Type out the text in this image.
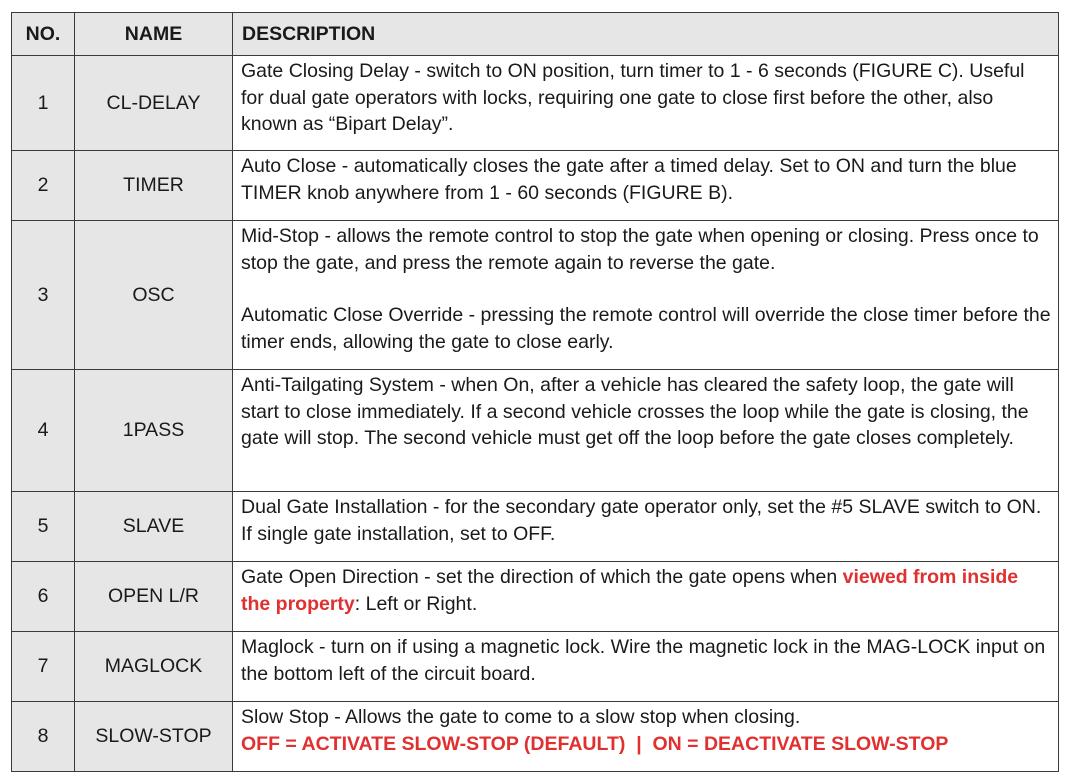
NO.	NAME	DESCRIPTION
1	CL-DELAY	Gate Closing Delay - switch to ON position, turn timer to 1 - 6 seconds (FIGURE C). Useful for dual gate operators with locks, requiring one gate to close first before the other, also known as “Bipart Delay”.
2	TIMER	Auto Close - automatically closes the gate after a timed delay. Set to ON and turn the blue TIMER knob anywhere from 1 - 60 seconds (FIGURE B).
3	OSC	Mid-Stop - allows the remote control to stop the gate when opening or closing. Press once to stop the gate, and press the remote again to reverse the gate.
Automatic Close Override - pressing the remote control will override the close timer before the timer ends, allowing the gate to close early.

4	1PASS	Anti-Tailgating System - when On, after a vehicle has cleared the safety loop, the gate will start to close immediately. If a second vehicle crosses the loop while the gate is closing, the gate will stop. The second vehicle must get off the loop before the gate closes completely.
5	SLAVE	Dual Gate Installation - for the secondary gate operator only, set the #5 SLAVE switch to ON. If single gate installation, set to OFF.
6	OPEN L/R	Gate Open Direction - set the direction of which the gate opens when viewed from inside the property: Left or Right.
7	MAGLOCK	Maglock - turn on if using a magnetic lock. Wire the magnetic lock in the MAG-LOCK input on the bottom left of the circuit board.
8	SLOW-STOP	Slow Stop - Allows the gate to come to a slow stop when closing.
OFF = ACTIVATE SLOW-STOP (DEFAULT)  |  ON = DEACTIVATE SLOW-STOP
